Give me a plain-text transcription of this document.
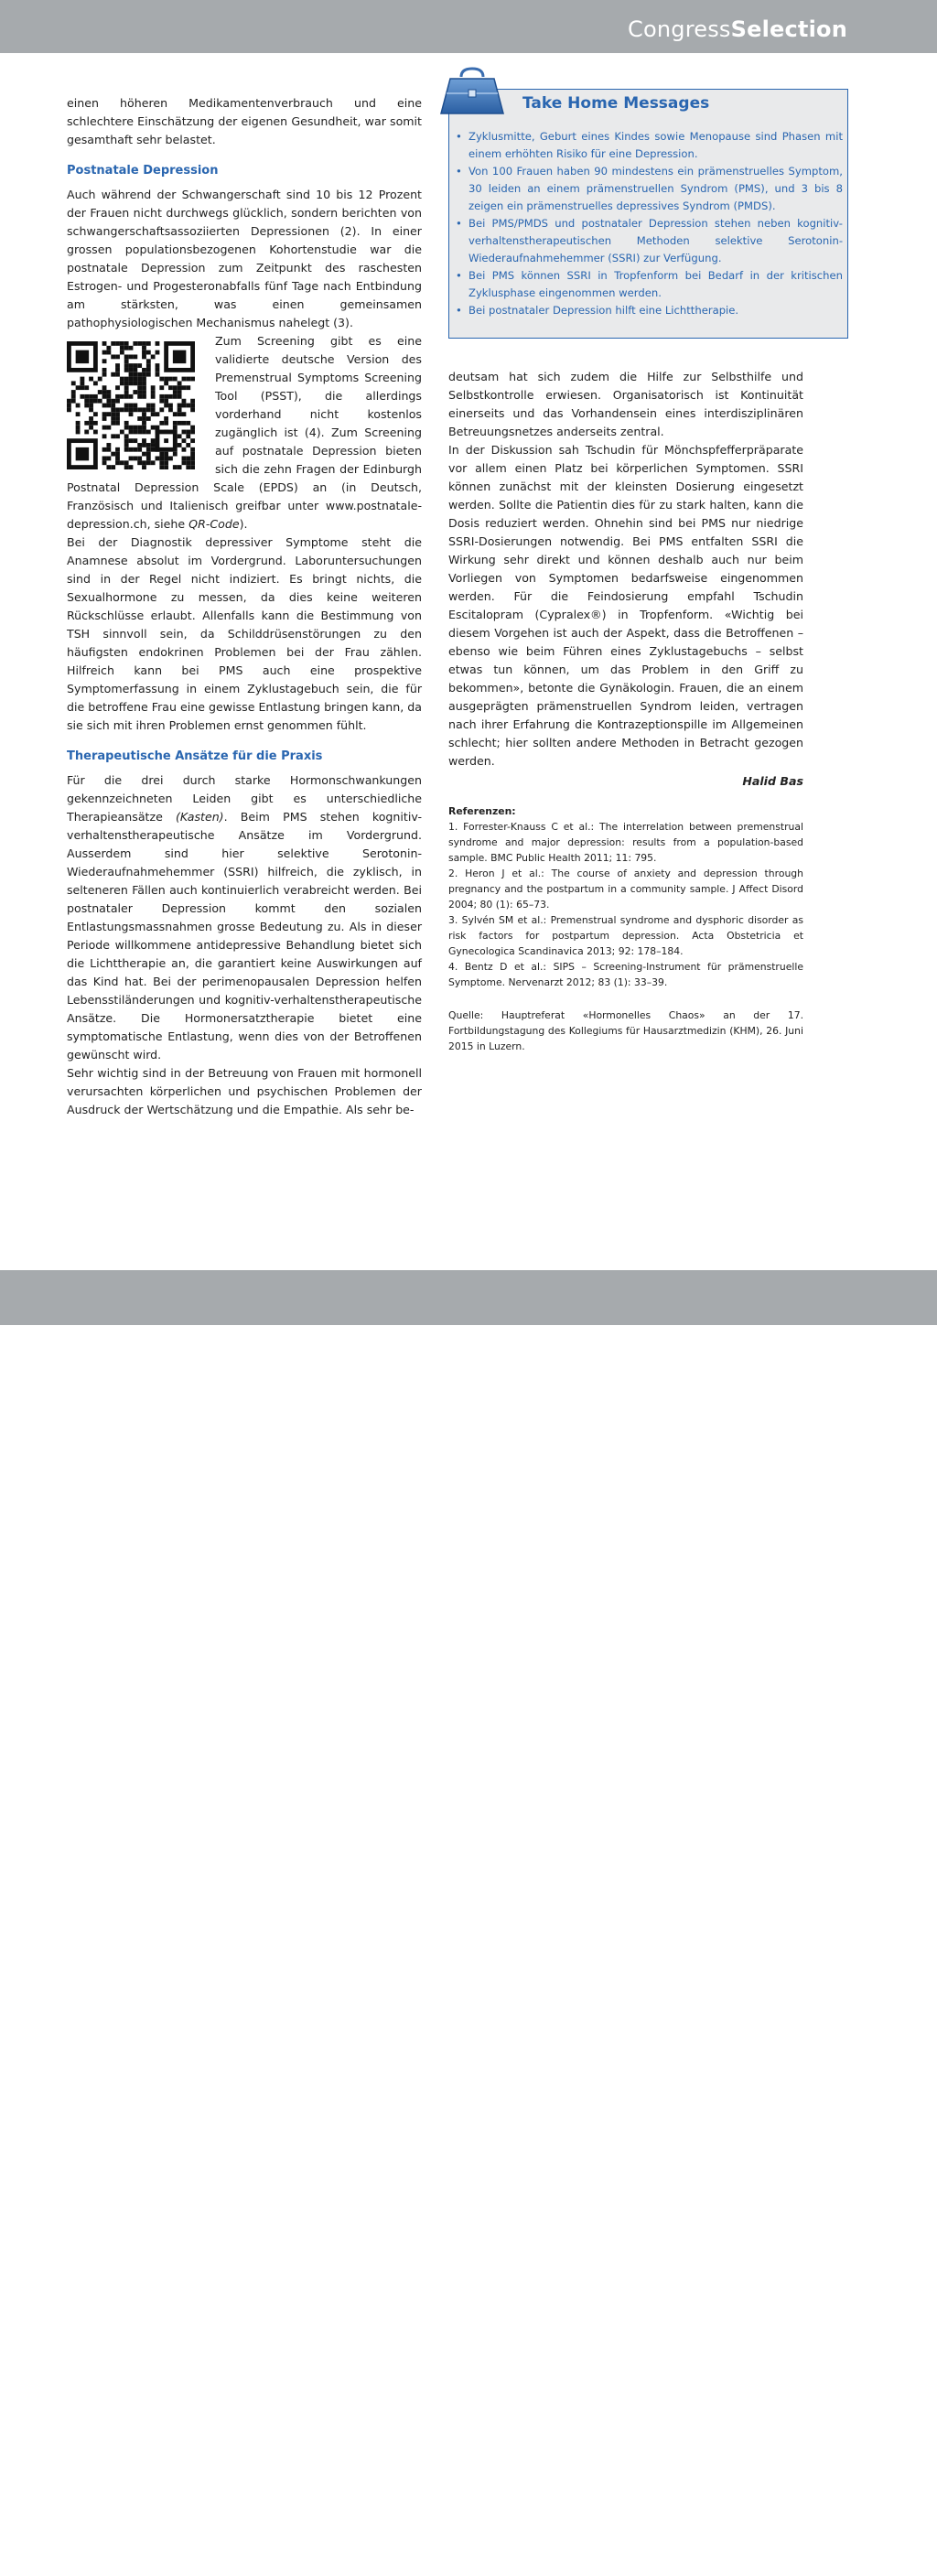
CongressSelection

einen höheren Medikamentenverbrauch und eine schlechtere Einschätzung der eigenen Gesundheit, war somit gesamthaft sehr belastet.

Postnatale Depression

Auch während der Schwangerschaft sind 10 bis 12 Prozent der Frauen nicht durchwegs glücklich, sondern berichten von schwangerschaftsassoziierten Depressionen (2). In einer grossen populationsbezogenen Kohortenstudie war die postnatale Depression zum Zeitpunkt des raschesten Estrogen- und Progesteronabfalls fünf Tage nach Entbindung am stärksten, was einen gemeinsamen pathophysiologischen Mechanismus nahelegt (3).

Zum Screening gibt es eine validierte deutsche Version des Premenstrual Symptoms Screening Tool (PSST), die allerdings vorderhand nicht kostenlos zugänglich ist (4). Zum Screening auf postnatale Depression bieten sich die zehn Fragen der Edinburgh Postnatal Depression Scale (EPDS) an (in Deutsch, Französisch und Italienisch greifbar unter www.postnatale-depression.ch, siehe QR-Code).

Bei der Diagnostik depressiver Symptome steht die Anamnese absolut im Vordergrund. Laboruntersuchungen sind in der Regel nicht indiziert. Es bringt nichts, die Sexualhormone zu messen, da dies keine weiteren Rückschlüsse erlaubt. Allenfalls kann die Bestimmung von TSH sinnvoll sein, da Schilddrüsenstörungen zu den häufigsten endokrinen Problemen bei der Frau zählen. Hilfreich kann bei PMS auch eine prospektive Symptomerfassung in einem Zyklustagebuch sein, die für die betroffene Frau eine gewisse Entlastung bringen kann, da sie sich mit ihren Problemen ernst genommen fühlt.

Therapeutische Ansätze für die Praxis

Für die drei durch starke Hormonschwankungen gekennzeichneten Leiden gibt es unterschiedliche Therapieansätze (Kasten). Beim PMS stehen kognitiv-verhaltenstherapeutische Ansätze im Vordergrund. Ausserdem sind hier selektive Serotonin-Wiederaufnahmehemmer (SSRI) hilfreich, die zyklisch, in selteneren Fällen auch kontinuierlich verabreicht werden. Bei postnataler Depression kommt den sozialen Entlastungsmassnahmen grosse Bedeutung zu. Als in dieser Periode willkommene antidepressive Behandlung bietet sich die Lichttherapie an, die garantiert keine Auswirkungen auf das Kind hat. Bei der perimenopausalen Depression helfen Lebensstiländerungen und kognitiv-verhaltenstherapeutische Ansätze. Die Hormonersatztherapie bietet eine symptomatische Entlastung, wenn dies von der Betroffenen gewünscht wird.

Sehr wichtig sind in der Betreuung von Frauen mit hormonell verursachten körperlichen und psychischen Problemen der Ausdruck der Wertschätzung und die Empathie. Als sehr be-

Take Home Messages
• Zyklusmitte, Geburt eines Kindes sowie Menopause sind Phasen mit einem erhöhten Risiko für eine Depression.
• Von 100 Frauen haben 90 mindestens ein prämenstruelles Symptom, 30 leiden an einem prämenstruellen Syndrom (PMS), und 3 bis 8 zeigen ein prämenstruelles depressives Syndrom (PMDS).
• Bei PMS/PMDS und postnataler Depression stehen neben kognitiv-verhaltenstherapeutischen Methoden selektive Serotonin-Wiederaufnahmehemmer (SSRI) zur Verfügung.
• Bei PMS können SSRI in Tropfenform bei Bedarf in der kritischen Zyklusphase eingenommen werden.
• Bei postnataler Depression hilft eine Lichttherapie.

deutsam hat sich zudem die Hilfe zur Selbsthilfe und Selbstkontrolle erwiesen. Organisatorisch ist Kontinuität einerseits und das Vorhandensein eines interdisziplinären Betreuungsnetzes anderseits zentral.

In der Diskussion sah Tschudin für Mönchspfefferpräparate vor allem einen Platz bei körperlichen Symptomen. SSRI können zunächst mit der kleinsten Dosierung eingesetzt werden. Sollte die Patientin dies für zu stark halten, kann die Dosis reduziert werden. Ohnehin sind bei PMS nur niedrige SSRI-Dosierungen notwendig. Bei PMS entfalten SSRI die Wirkung sehr direkt und können deshalb auch nur beim Vorliegen von Symptomen bedarfsweise eingenommen werden. Für die Feindosierung empfahl Tschudin Escitalopram (Cypralex®) in Tropfenform. «Wichtig bei diesem Vorgehen ist auch der Aspekt, dass die Betroffenen – ebenso wie beim Führen eines Zyklustagebuchs – selbst etwas tun können, um das Problem in den Griff zu bekommen», betonte die Gynäkologin. Frauen, die an einem ausgeprägten prämenstruellen Syndrom leiden, vertragen nach ihrer Erfahrung die Kontrazeptionspille im Allgemeinen schlecht; hier sollten andere Methoden in Betracht gezogen werden.

Halid Bas
Referenzen:

1. Forrester-Knauss C et al.: The interrelation between premenstrual syndrome and major depression: results from a population-based sample. BMC Public Health 2011; 11: 795.

2. Heron J et al.: The course of anxiety and depression through pregnancy and the postpartum in a community sample. J Affect Disord 2004; 80 (1): 65–73.

3. Sylvén SM et al.: Premenstrual syndrome and dysphoric disorder as risk factors for postpartum depression. Acta Obstetricia et Gynecologica Scandinavica 2013; 92: 178–184.

4. Bentz D et al.: SIPS – Screening-Instrument für prämenstruelle Symptome. Nervenarzt 2012; 83 (1): 33–39.

Quelle: Hauptreferat «Hormonelles Chaos» an der 17. Fortbildungstagung des Kollegiums für Hausarztmedizin (KHM), 26. Juni 2015 in Luzern.

Hausarztmedizin • September 2015	39
